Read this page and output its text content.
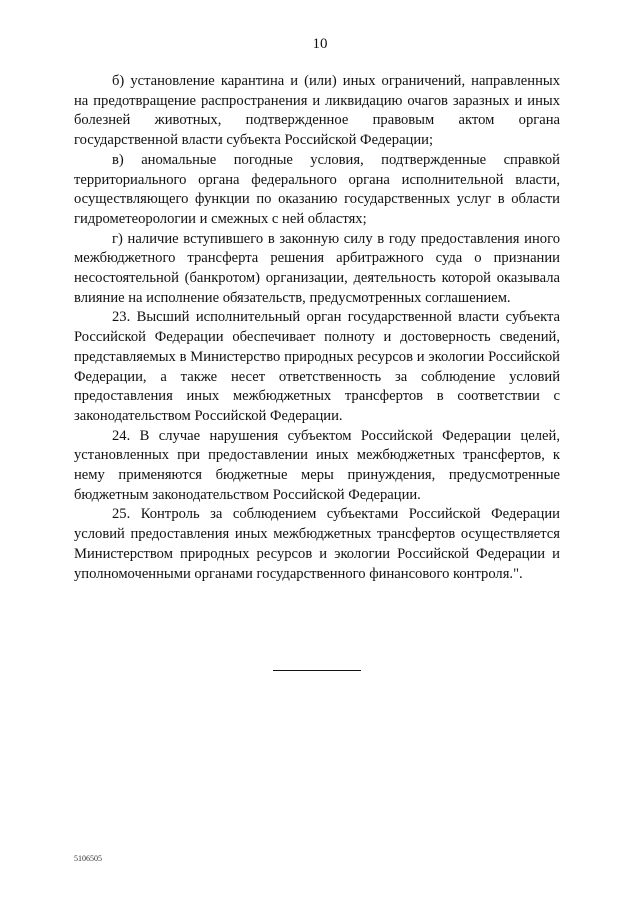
10

б) установление карантина и (или) иных ограничений, направленных на предотвращение распространения и ликвидацию очагов заразных и иных болезней животных, подтвержденное правовым актом органа государственной власти субъекта Российской Федерации;

в) аномальные погодные условия, подтвержденные справкой территориального органа федерального органа исполнительной власти, осуществляющего функции по оказанию государственных услуг в области гидрометеорологии и смежных с ней областях;

г) наличие вступившего в законную силу в году предоставления иного межбюджетного трансферта решения арбитражного суда о признании несостоятельной (банкротом) организации, деятельность которой оказывала влияние на исполнение обязательств, предусмотренных соглашением.

23. Высший исполнительный орган государственной власти субъекта Российской Федерации обеспечивает полноту и достоверность сведений, представляемых в Министерство природных ресурсов и экологии Российской Федерации, а также несет ответственность за соблюдение условий предоставления иных межбюджетных трансфертов в соответствии с законодательством Российской Федерации.

24. В случае нарушения субъектом Российской Федерации целей, установленных при предоставлении иных межбюджетных трансфертов, к нему применяются бюджетные меры принуждения, предусмотренные бюджетным законодательством Российской Федерации.

25. Контроль за соблюдением субъектами Российской Федерации условий предоставления иных межбюджетных трансфертов осуществляется Министерством природных ресурсов и экологии Российской Федерации и уполномоченными органами государственного финансового контроля.".

5106505
